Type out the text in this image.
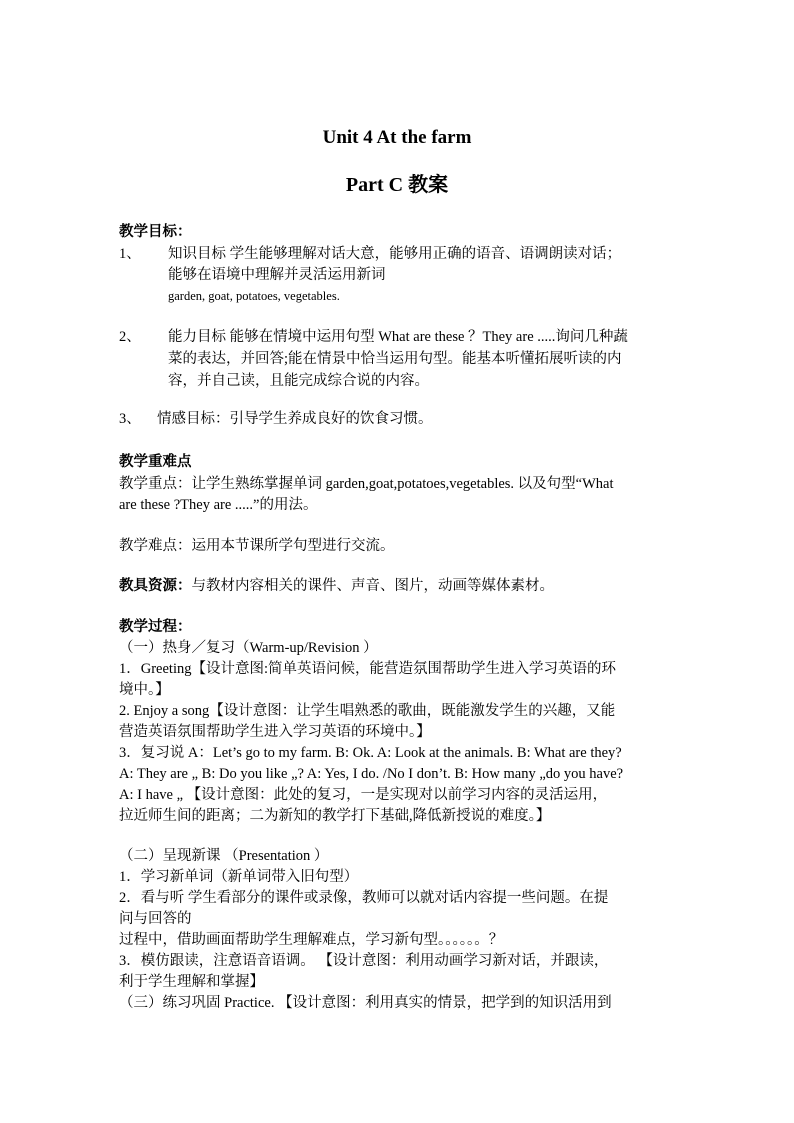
Unit 4 At the farm
Part C 教案
教学目标：
1、 知识目标 学生能够理解对话大意，能够用正确的语音、语调朗读对话；
能够在语境中理解并灵活运用新词
garden, goat, potatoes, vegetables.
2、 能力目标 能够在情境中运用句型 What are these ？They are .....询问几种蔬
菜的表达，并回答;能在情景中恰当运用句型。能基本听懂拓展听读的内
容，并自己读，且能完成综合说的内容。
3、 情感目标：引导学生养成良好的饮食习惯。
教学重难点
教学重点：让学生熟练掌握单词 garden,goat,potatoes,vegetables. 以及句型“What
are these ?They are .....”的用法。
教学难点：运用本节课所学句型进行交流。
教具资源：与教材内容相关的课件、声音、图片，动画等媒体素材。
教学过程：
（一）热身／复习（Warm-up/Revision ）
1．Greeting【设计意图:简单英语问候，能营造氛围帮助学生进入学习英语的环
境中。】
2. Enjoy a song【设计意图：让学生唱熟悉的歌曲，既能激发学生的兴趣，又能
营造英语氛围帮助学生进入学习英语的环境中。】
3．复习说 A：Let’s go to my farm. B: Ok. A: Look at the animals. B: What are they?
A: They are „ B: Do you like „? A: Yes, I do. /No I don’t. B: How many „do you have?
A: I have „ 【设计意图：此处的复习，一是实现对以前学习内容的灵活运用，
拉近师生间的距离；二为新知的教学打下基础,降低新授说的难度。】
（二）呈现新课 （Presentation ）
1．学习新单词（新单词带入旧句型）
2．看与听 学生看部分的课件或录像，教师可以就对话内容提一些问题。在提
问与回答的
过程中，借助画面帮助学生理解难点，学习新句型。。。。。。？
3．模仿跟读，注意语音语调。 【设计意图：利用动画学习新对话，并跟读，
利于学生理解和掌握】
（三）练习巩固 Practice. 【设计意图：利用真实的情景，把学到的知识活用到
